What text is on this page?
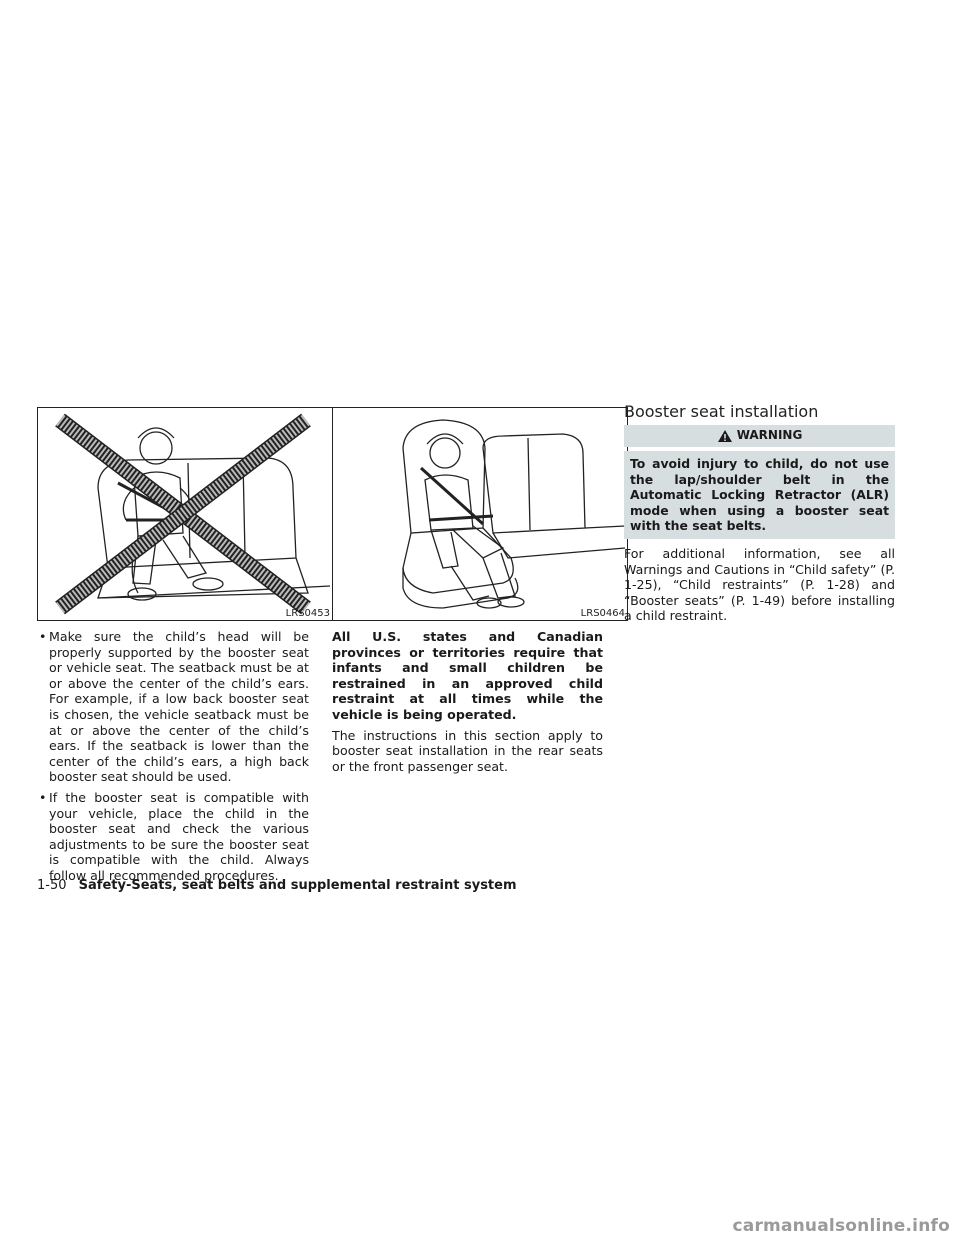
LRS0453	LRS0464
• Make sure the child’s head will be properly supported by the booster seat or vehicle seat. The seatback must be at or above the center of the child’s ears. For example, if a low back booster seat is chosen, the vehicle seatback must be at or above the center of the child’s ears. If the seatback is lower than the center of the child’s ears, a high back booster seat should be used.
• If the booster seat is compatible with your vehicle, place the child in the booster seat and check the various adjustments to be sure the booster seat is compatible with the child. Always follow all recommended procedures.

All U.S. states and Canadian provinces or territories require that infants and small children be restrained in an approved child restraint at all times while the vehicle is being operated.

The instructions in this section apply to booster seat installation in the rear seats or the front passenger seat.

Booster seat installation
WARNING
To avoid injury to child, do not use the lap/shoulder belt in the Automatic Locking Retractor (ALR) mode when using a booster seat with the seat belts.

For additional information, see all Warnings and Cautions in “Child safety” (P. 1-25), “Child restraints” (P. 1-28) and “Booster seats” (P. 1-49) before installing a child restraint.

1-50 Safety-Seats, seat belts and supplemental restraint system
carmanualsonline.info
